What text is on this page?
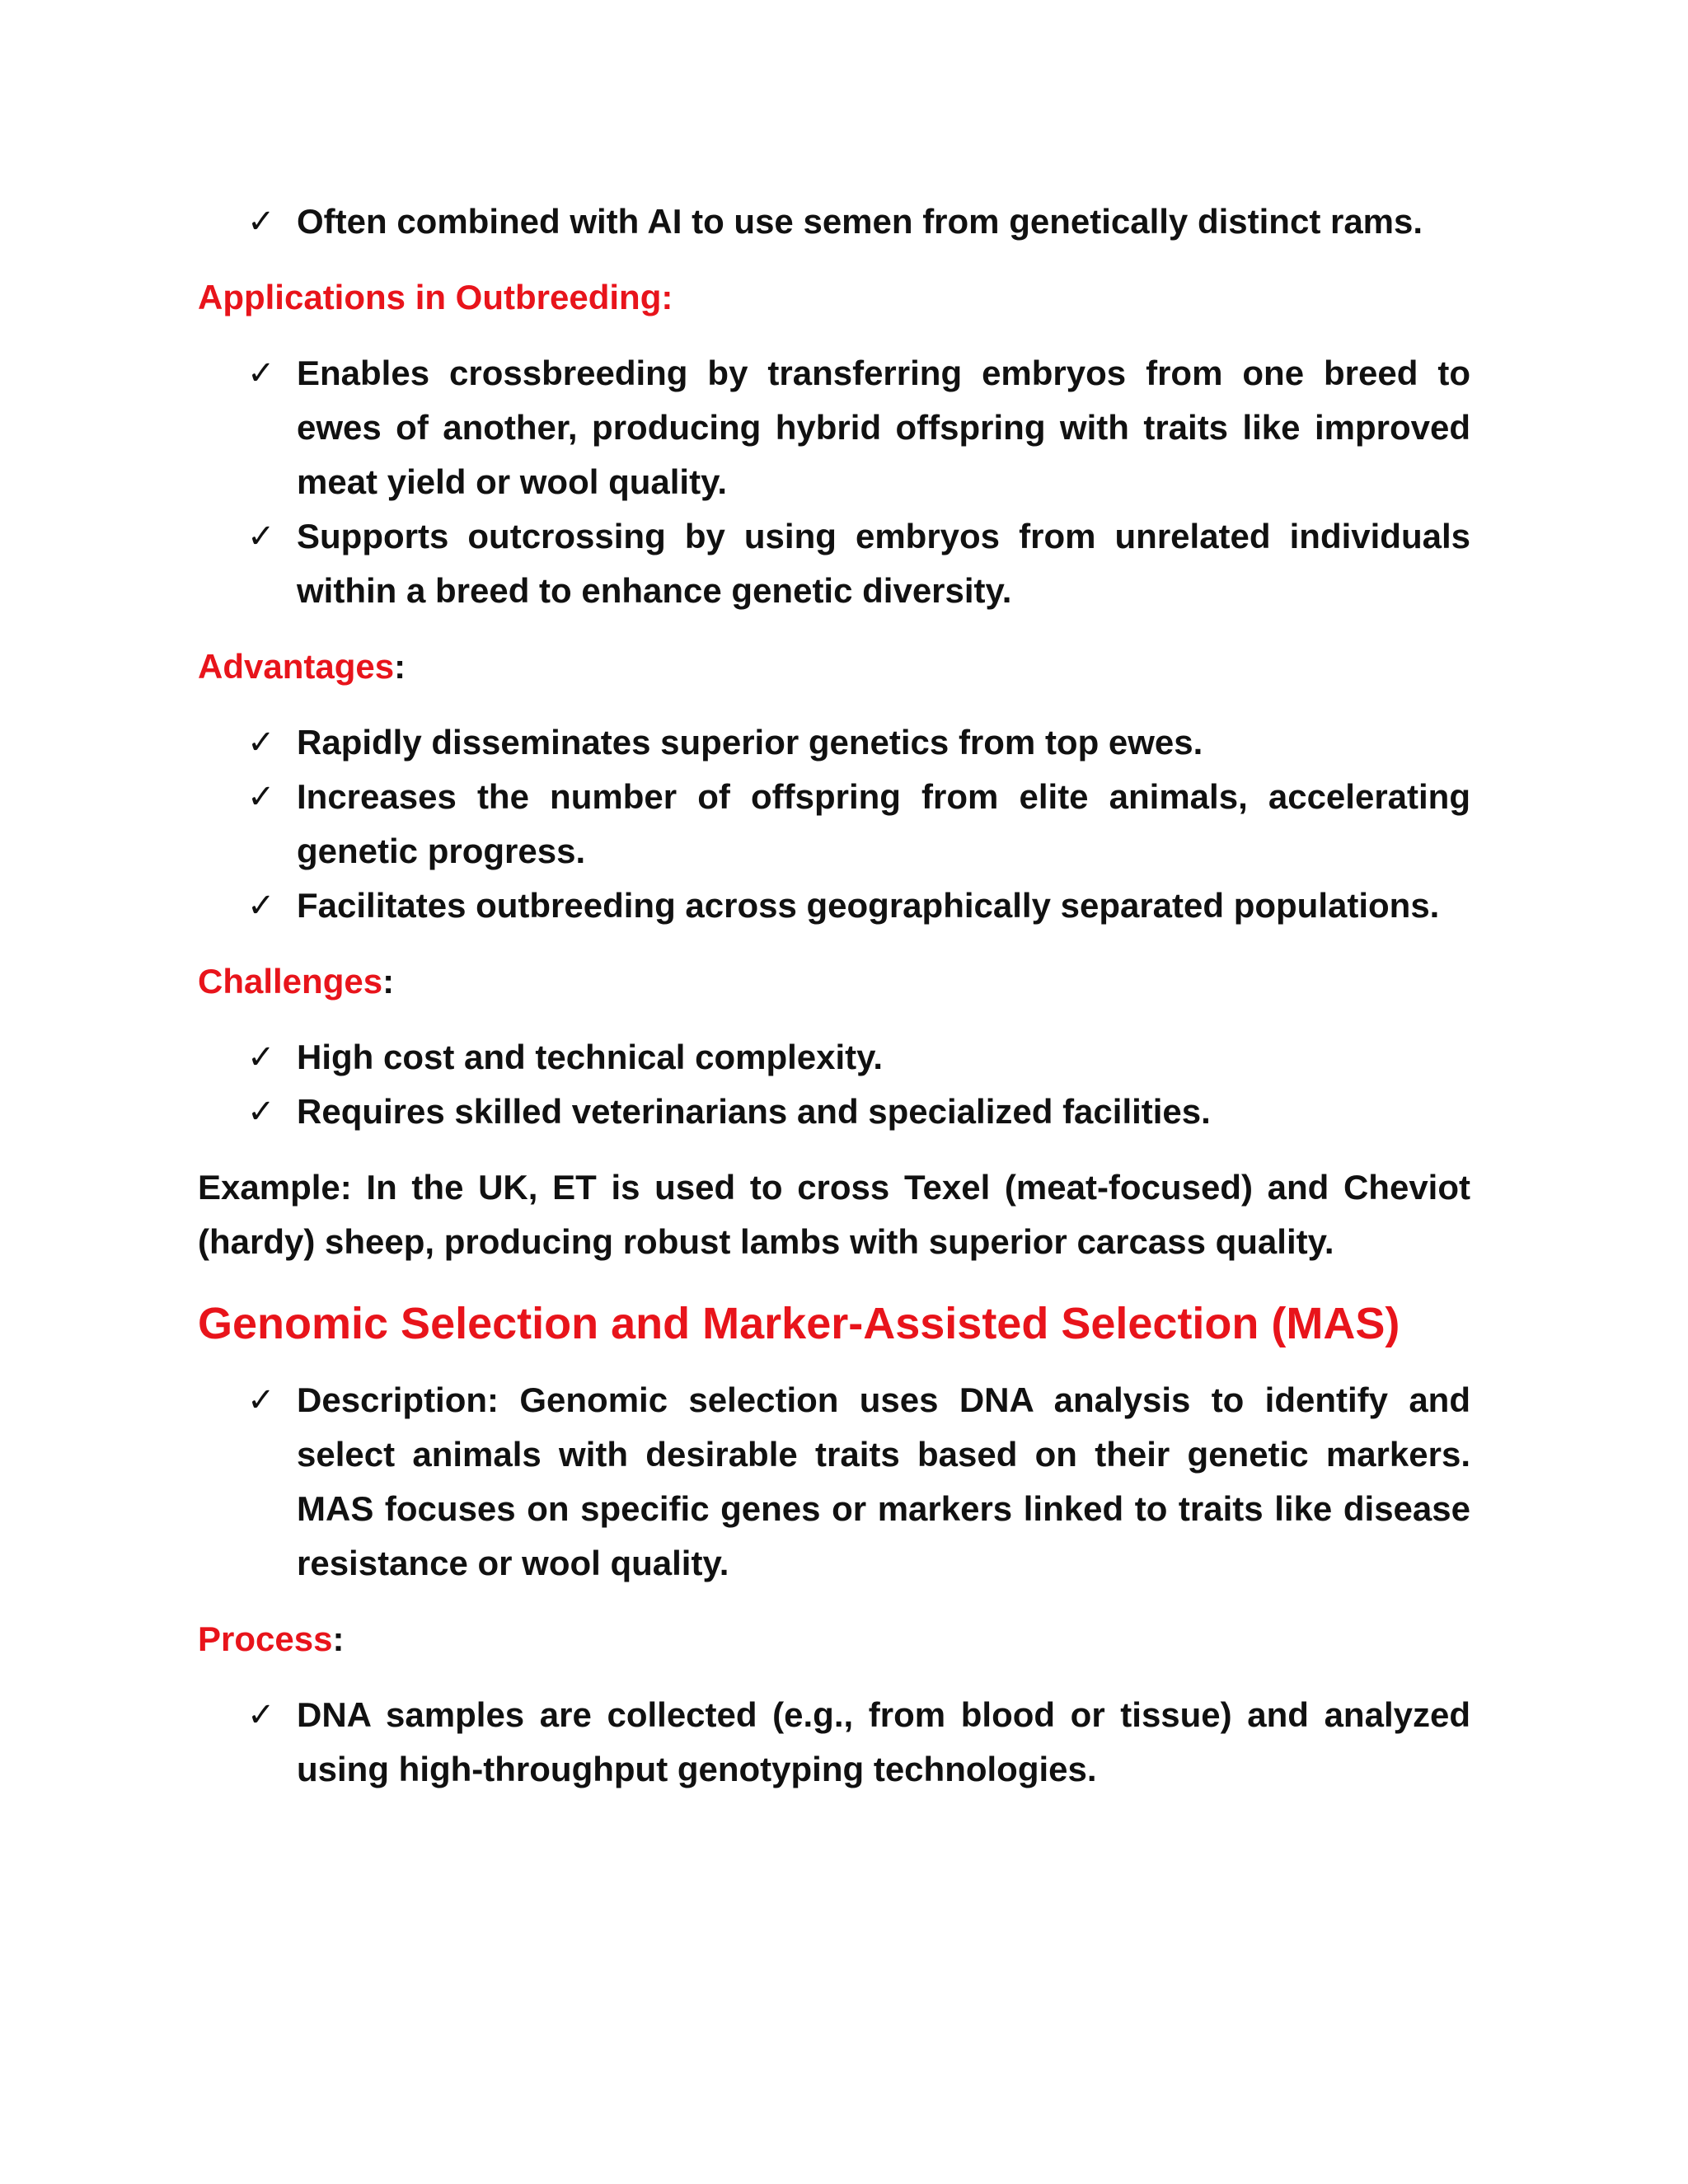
✓ Often combined with AI to use semen from genetically distinct rams.
Applications in Outbreeding:
✓ Enables crossbreeding by transferring embryos from one breed to ewes of another, producing hybrid offspring with traits like improved meat yield or wool quality.
✓ Supports outcrossing by using embryos from unrelated individuals within a breed to enhance genetic diversity.
Advantages:
✓ Rapidly disseminates superior genetics from top ewes.
✓ Increases the number of offspring from elite animals, accelerating genetic progress.
✓ Facilitates outbreeding across geographically separated populations.
Challenges:
✓ High cost and technical complexity.
✓ Requires skilled veterinarians and specialized facilities.

Example: In the UK, ET is used to cross Texel (meat-focused) and Cheviot (hardy) sheep, producing robust lambs with superior carcass quality.

Genomic Selection and Marker-Assisted Selection (MAS)
✓ Description: Genomic selection uses DNA analysis to identify and select animals with desirable traits based on their genetic markers. MAS focuses on specific genes or markers linked to traits like disease resistance or wool quality.
Process:
✓ DNA samples are collected (e.g., from blood or tissue) and analyzed using high-throughput genotyping technologies.
